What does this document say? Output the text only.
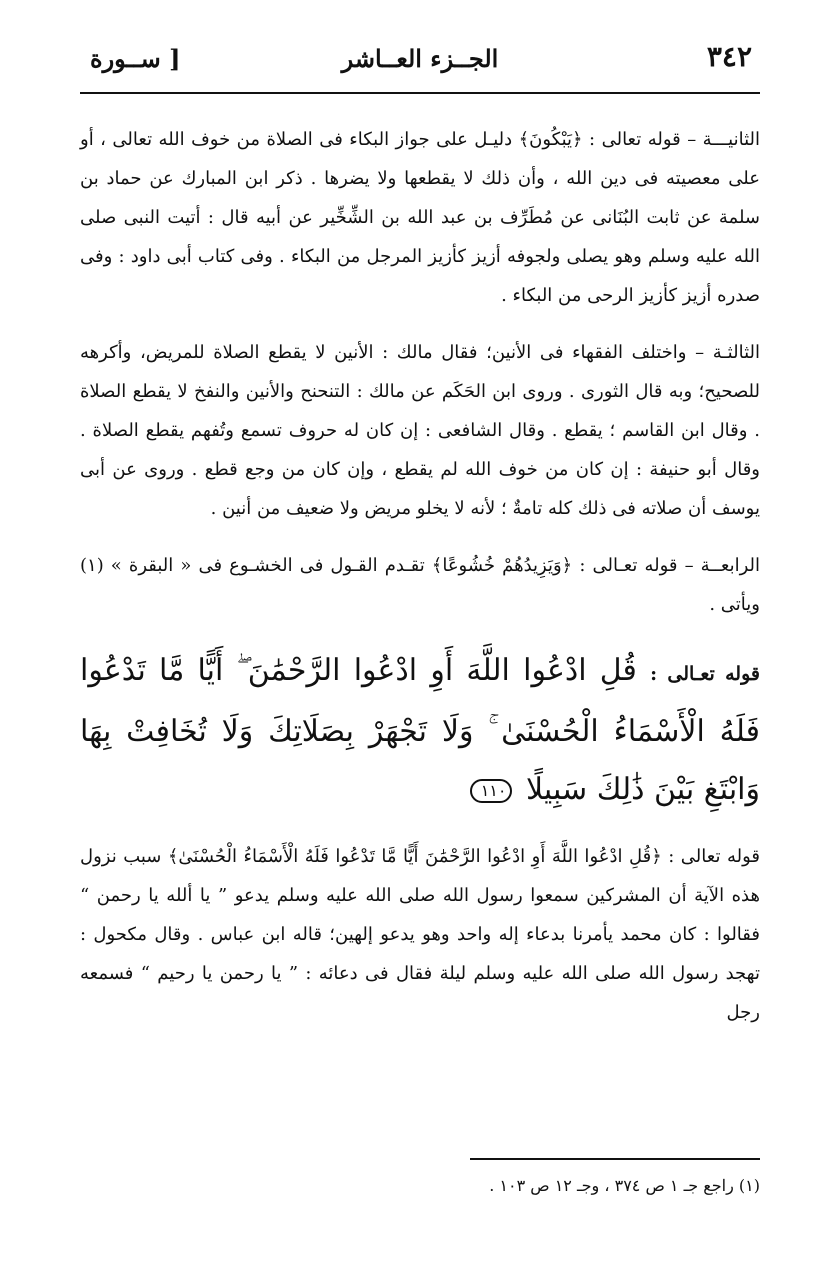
٣٤٢
الجــزء العــاشر
[ ســورة

الثانيـــة – قوله تعالى : ﴿يَبْكُونَ﴾ دليـل على جواز البكاء فى الصلاة من خوف الله تعالى ، أو على معصيته فى دين الله ، وأن ذلك لا يقطعها ولا يضرها . ذكر ابن المبارك عن حماد بن سلمة عن ثابت البُنَانى عن مُطَرِّف بن عبد الله بن الشِّخِّير عن أبيه قال : أتيت النبى صلى الله عليه وسلم وهو يصلى ولجوفه أزيز كأزيز المرجل من البكاء . وفى كتاب أبى داود : وفى صدره أزيز كأزيز الرحى من البكاء .

الثالثـة – واختلف الفقهاء فى الأنين؛ فقال مالك : الأنين لا يقطع الصلاة للمريض، وأكرهه للصحيح؛ وبه قال الثورى . وروى ابن الحَكَم عن مالك : التنحنح والأنين والنفخ لا يقطع الصلاة . وقال ابن القاسم ؛ يقطع . وقال الشافعى : إن كان له حروف تسمع وتُفهم يقطع الصلاة . وقال أبو حنيفة : إن كان من خوف الله لم يقطع ، وإن كان من وجع قطع . وروى عن أبى يوسف أن صلاته فى ذلك كله تامةٌ ؛ لأنه لا يخلو مريض ولا ضعيف من أنين .

الرابعــة – قوله تعـالى : ﴿وَيَزِيدُهُمْ خُشُوعًا﴾ تقـدم القـول فى الخشـوع فى « البقرة » (١) ويأتى .

قوله تعـالى : قُلِ ادْعُوا اللَّهَ أَوِ ادْعُوا الرَّحْمَٰنَ ۖ أَيًّا مَّا تَدْعُوا فَلَهُ الْأَسْمَاءُ الْحُسْنَىٰ ۚ وَلَا تَجْهَرْ بِصَلَاتِكَ وَلَا تُخَافِتْ بِهَا وَابْتَغِ بَيْنَ ذَٰلِكَ سَبِيلًا ١١٠

قوله تعالى : ﴿قُلِ ادْعُوا اللَّهَ أَوِ ادْعُوا الرَّحْمَٰنَ أَيًّا مَّا تَدْعُوا فَلَهُ الْأَسْمَاءُ الْحُسْنَىٰ﴾ سبب نزول هذه الآية أن المشركين سمعوا رسول الله صلى الله عليه وسلم يدعو ” يا ألله يا رحمن “ فقالوا : كان محمد يأمرنا بدعاء إله واحد وهو يدعو إلهين؛ قاله ابن عباس . وقال مكحول : تهجد رسول الله صلى الله عليه وسلم ليلة فقال فى دعائه : ” يا رحمن يا رحيم “ فسمعه رجل

(١) راجع جـ ١ ص ٣٧٤ ، وجـ ١٢ ص ١٠٣ .
